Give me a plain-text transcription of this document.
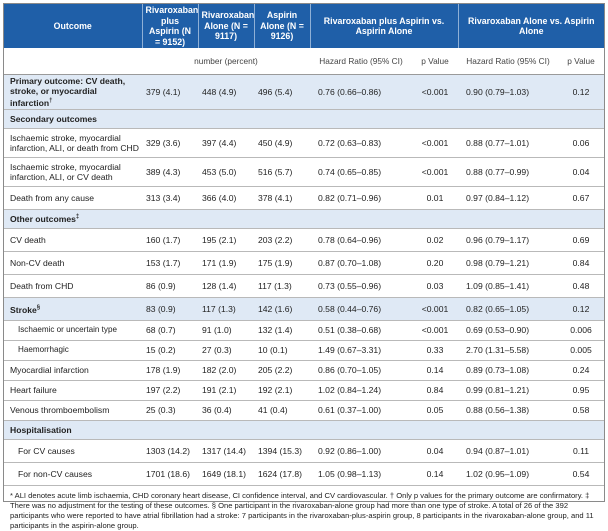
Outcome	Rivaroxaban plus Aspirin (N = 9152)	Rivaroxaban Alone (N = 9117)	Aspirin Alone (N = 9126)	Rivaroxaban plus Aspirin vs. Aspirin Alone		Rivaroxaban Alone vs. Aspirin Alone	
	number (percent)			Hazard Ratio (95% CI)	p Value	Hazard Ratio (95% CI)	p Value
Primary outcome: CV death, stroke, or myocardial infarction†	379 (4.1)	448 (4.9)	496 (5.4)	0.76 (0.66–0.86)	<0.001	0.90 (0.79–1.03)	0.12
Secondary outcomes							
Ischaemic stroke, myocardial infarction, ALI, or death from CHD	329 (3.6)	397 (4.4)	450 (4.9)	0.72 (0.63–0.83)	<0.001	0.88 (0.77–1.01)	0.06
Ischaemic stroke, myocardial infarction, ALI, or CV death	389 (4.3)	453 (5.0)	516 (5.7)	0.74 (0.65–0.85)	<0.001	0.88 (0.77–0.99)	0.04
Death from any cause	313 (3.4)	366 (4.0)	378 (4.1)	0.82 (0.71–0.96)	0.01	0.97 (0.84–1.12)	0.67
Other outcomes‡
CV death	160 (1.7)	195 (2.1)	203 (2.2)	0.78 (0.64–0.96)	0.02	0.96 (0.79–1.17)	0.69
Non-CV death	153 (1.7)	171 (1.9)	175 (1.9)	0.87 (0.70–1.08)	0.20	0.98 (0.79–1.21)	0.84
Death from CHD	86 (0.9)	128 (1.4)	117 (1.3)	0.73 (0.55–0.96)	0.03	1.09 (0.85–1.41)	0.48
Stroke§	83 (0.9)	117 (1.3)	142 (1.6)	0.58 (0.44–0.76)	<0.001	0.82 (0.65–1.05)	0.12
Ischaemic or uncertain type	68 (0.7)	91 (1.0)	132 (1.4)	0.51 (0.38–0.68)	<0.001	0.69 (0.53–0.90)	0.006
Haemorrhagic	15 (0.2)	27 (0.3)	10 (0.1)	1.49 (0.67–3.31)	0.33	2.70 (1.31–5.58)	0.005
Myocardial infarction	178 (1.9)	182 (2.0)	205 (2.2)	0.86 (0.70–1.05)	0.14	0.89 (0.73–1.08)	0.24
Heart failure	197 (2.2)	191 (2.1)	192 (2.1)	1.02 (0.84–1.24)	0.84	0.99 (0.81–1.21)	0.95
Venous thromboembolism	25 (0.3)	36 (0.4)	41 (0.4)	0.61 (0.37–1.00)	0.05	0.88 (0.56–1.38)	0.58
Hospitalisation							
For CV causes	1303 (14.2)	1317 (14.4)	1394 (15.3)	0.92 (0.86–1.00)	0.04	0.94 (0.87–1.01)	0.11
For non-CV causes	1701 (18.6)	1649 (18.1)	1624 (17.8)	1.05 (0.98–1.13)	0.14	1.02 (0.95–1.09)	0.54
* ALI denotes acute limb ischaemia, CHD coronary heart disease, CI confidence interval, and CV cardiovascular. † Only p values for the primary outcome are confirmatory. ‡ There was no adjustment for the testing of these outcomes. § One participant in the rivaroxaban-alone group had more than one type of stroke. A total of 26 of the 392 participants who were reported to have atrial fibrillation had a stroke: 7 participants in the rivaroxaban-plus-aspirin group, 8 participants in the rivaroxaban-alone group, and 11 participants in the aspirin-alone group.
